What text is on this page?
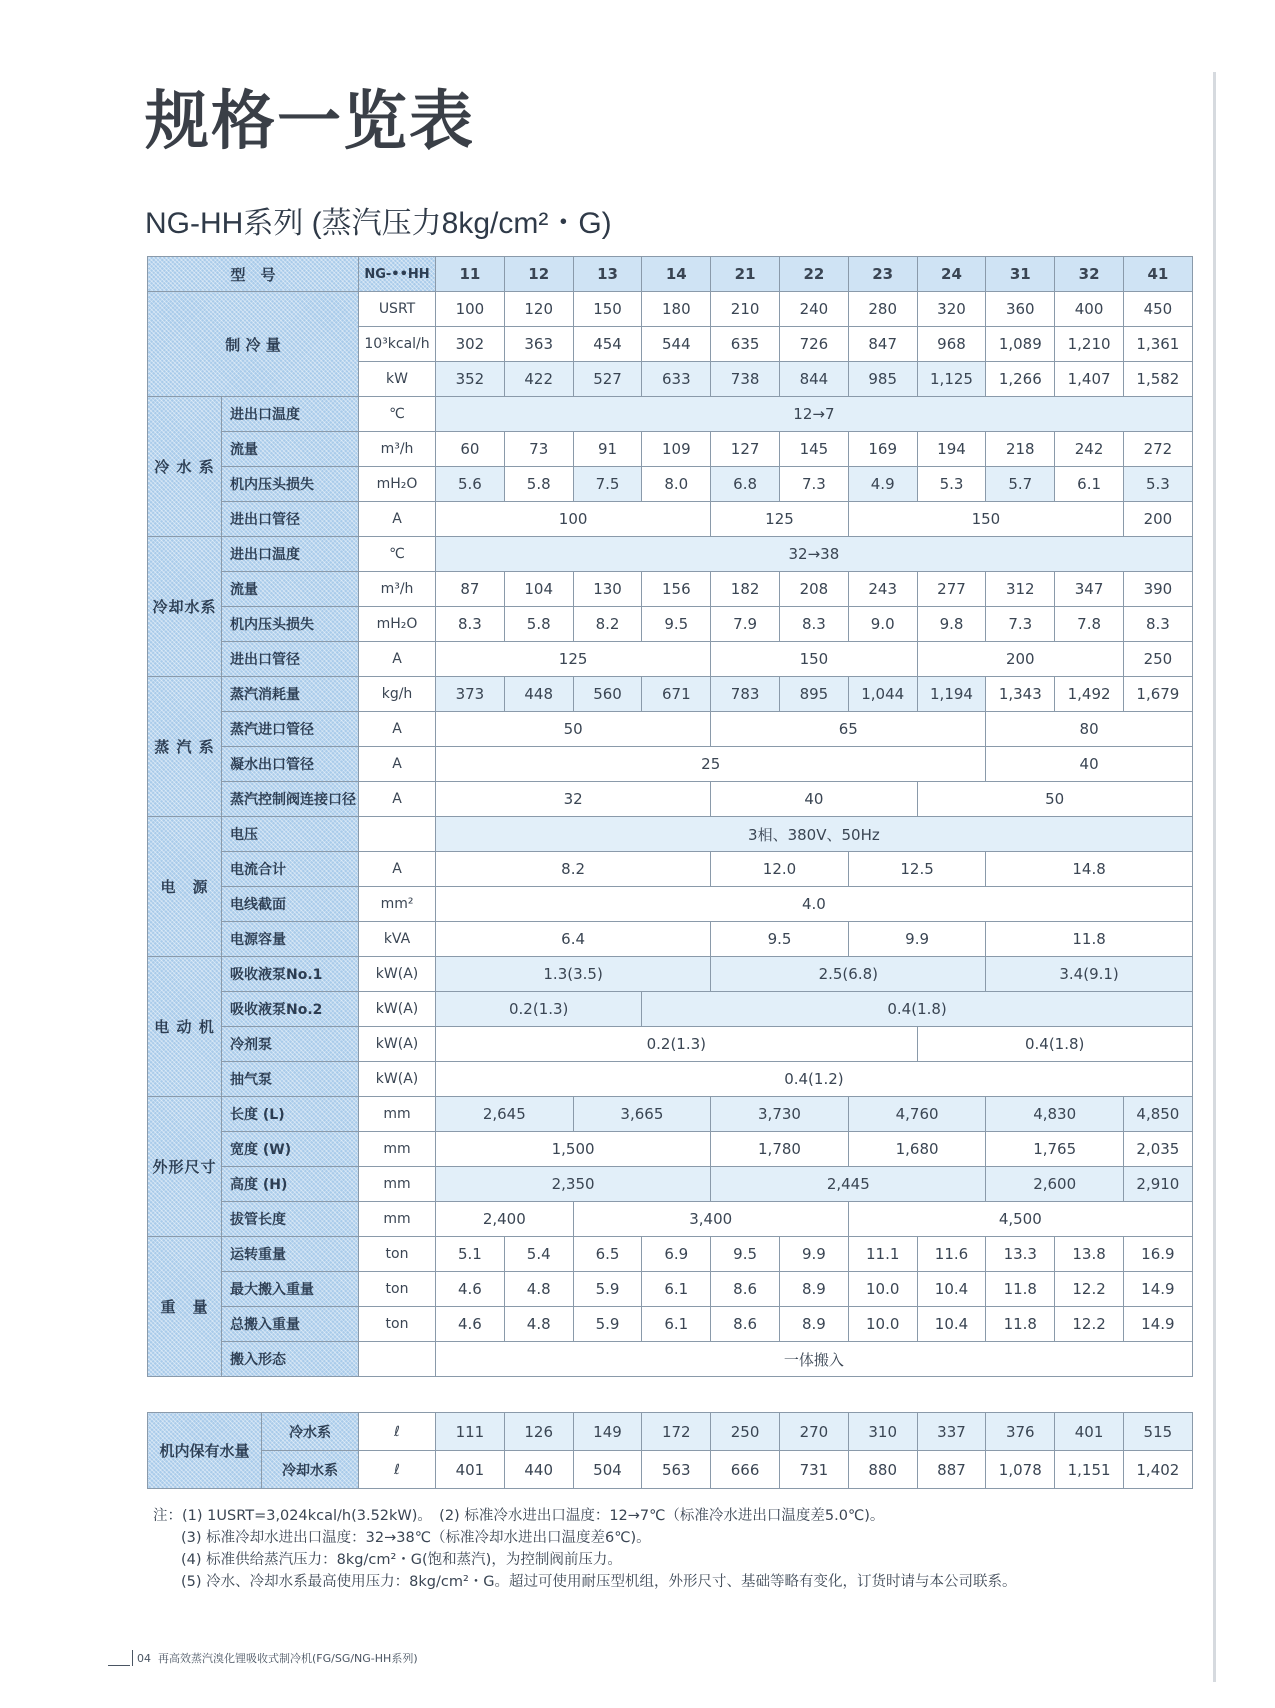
规格一览表
NG-HH系列 (蒸汽压力8kg/cm²・G)
型　号		NG-••HH	11	12	13	14	21	22	23	24	31	32	41
制 冷 量		USRT	100	120	150	180	210	240	280	320	360	400	450
		10³kcal/h	302	363	454	544	635	726	847	968	1,089	1,210	1,361
		kW	352	422	527	633	738	844	985	1,125	1,266	1,407	1,582
冷 水 系	进出口温度	℃	12→7										
	流量	m³/h	60	73	91	109	127	145	169	194	218	242	272
	机内压头损失	mH₂O	5.6	5.8	7.5	8.0	6.8	7.3	4.9	5.3	5.7	6.1	5.3
	进出口管径	A	100				125		150				200
冷却水系	进出口温度	℃	32→38										
	流量	m³/h	87	104	130	156	182	208	243	277	312	347	390
	机内压头损失	mH₂O	8.3	5.8	8.2	9.5	7.9	8.3	9.0	9.8	7.3	7.8	8.3
	进出口管径	A	125				150			200			250
蒸 汽 系	蒸汽消耗量	kg/h	373	448	560	671	783	895	1,044	1,194	1,343	1,492	1,679
	蒸汽进口管径	A	50				65				80		
	凝水出口管径	A	25								40		
	蒸汽控制阀连接口径	A	32				40			50			
电　源	电压		3相、380V、50Hz										
	电流合计	A	8.2				12.0		12.5		14.8		
	电线截面	mm²	4.0										
	电源容量	kVA	6.4				9.5		9.9		11.8		
电 动 机	吸收液泵No.1	kW(A)	1.3(3.5)				2.5(6.8)				3.4(9.1)		
	吸收液泵No.2	kW(A)	0.2(1.3)			0.4(1.8)							
	冷剂泵	kW(A)	0.2(1.3)							0.4(1.8)			
	抽气泵	kW(A)	0.4(1.2)										
外形尺寸	长度 (L)	mm	2,645		3,665		3,730		4,760		4,830		4,850
	宽度 (W)	mm	1,500				1,780		1,680		1,765		2,035
	高度 (H)	mm	2,350				2,445				2,600		2,910
	拔管长度	mm	2,400		3,400				4,500				
重　量	运转重量	ton	5.1	5.4	6.5	6.9	9.5	9.9	11.1	11.6	13.3	13.8	16.9
	最大搬入重量	ton	4.6	4.8	5.9	6.1	8.6	8.9	10.0	10.4	11.8	12.2	14.9
	总搬入重量	ton	4.6	4.8	5.9	6.1	8.6	8.9	10.0	10.4	11.8	12.2	14.9
	搬入形态		一体搬入										
机内保有水量	冷水系	ℓ	111	126	149	172	250	270	310	337	376	401	515
	冷却水系	ℓ	401	440	504	563	666	731	880	887	1,078	1,151	1,402
注：(1) 1USRT=3,024kcal/h(3.52kW)。　(2) 标准冷水进出口温度：12→7℃（标准冷水进出口温度差5.0℃)。
(3) 标准冷却水进出口温度：32→38℃（标准冷却水进出口温度差6℃)。
(4) 标准供给蒸汽压力：8kg/cm²・G(饱和蒸汽)，为控制阀前压力。
(5) 冷水、冷却水系最高使用压力：8kg/cm²・G。超过可使用耐压型机组，外形尺寸、基础等略有变化，订货时请与本公司联系。
04 再高效蒸汽溴化锂吸收式制冷机(FG/SG/NG-HH系列)
